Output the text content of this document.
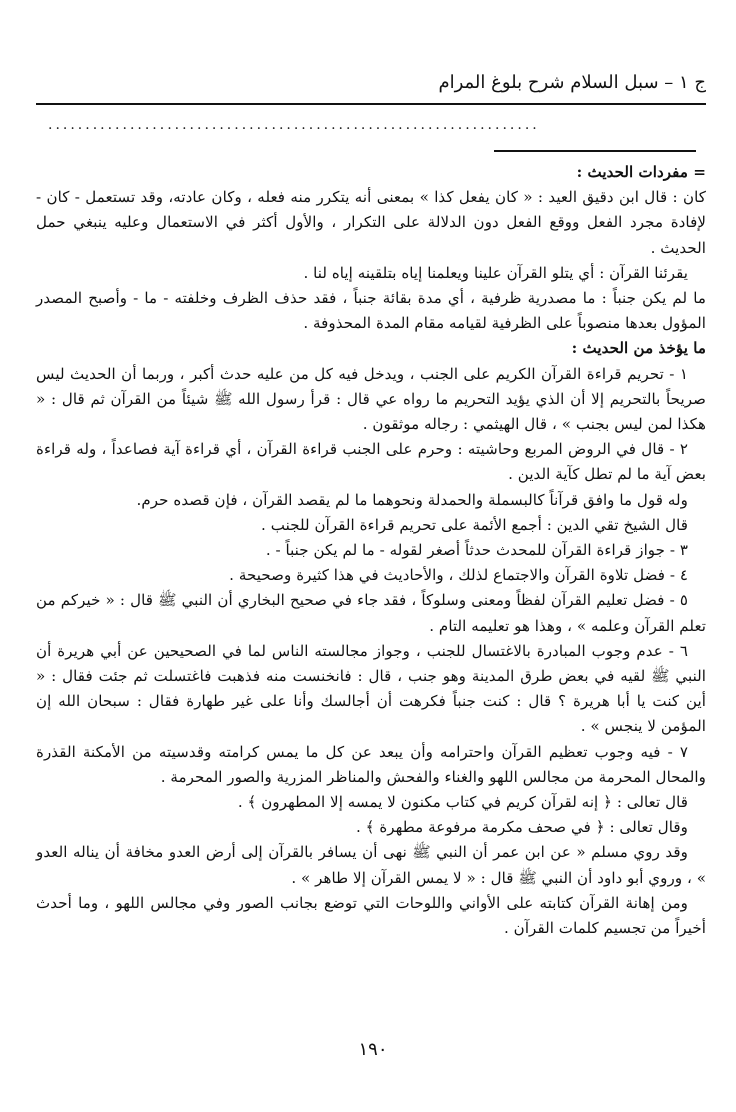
ج ١ – سبل السلام شرح بلوغ المرام
..................................................................

= مفردات الحديث :

كان : قال ابن دقيق العيد : « كان يفعل كذا » بمعنى أنه يتكرر منه فعله ، وكان عادته، وقد تستعمل - كان - لإفادة مجرد الفعل ووقع الفعل دون الدلالة على التكرار ، والأول أكثر في الاستعمال وعليه ينبغي حمل الحديث .

يقرئنا القرآن : أي يتلو القرآن علينا ويعلمنا إياه بتلقينه إياه لنا .

ما لم يكن جنباً : ما مصدرية ظرفية ، أي مدة بقائة جنباً ، فقد حذف الظرف وخلفته - ما - وأصبح المصدر المؤول بعدها منصوباً على الظرفية لقيامه مقام المدة المحذوفة .

ما يؤخذ من الحديث :

١ - تحريم قراءة القرآن الكريم على الجنب ، ويدخل فيه كل من عليه حدث أكبر ، وربما أن الحديث ليس صريحاً بالتحريم إلا أن الذي يؤيد التحريم ما رواه عي قال : قرأ رسول الله ﷺ شيئاً من القرآن ثم قال : « هكذا لمن ليس بجنب » ، قال الهيثمي : رجاله موثقون .

٢ - قال في الروض المربع وحاشيته : وحرم على الجنب قراءة القرآن ، أي قراءة آية فصاعداً ، وله قراءة بعض آية ما لم تطل كآية الدين .

وله قول ما وافق قرآناً كالبسملة والحمدلة ونحوهما ما لم يقصد القرآن ، فإن قصده حرم.

قال الشيخ تقي الدين : أجمع الأئمة على تحريم قراءة القرآن للجنب .

٣ - جواز قراءة القرآن للمحدث حدثاً أصغر لقوله - ما لم يكن جنباً - .

٤ - فضل تلاوة القرآن والاجتماع لذلك ، والأحاديث في هذا كثيرة وصحيحة .

٥ - فضل تعليم القرآن لفظاً ومعنى وسلوكاً ، فقد جاء في صحيح البخاري أن النبي ﷺ قال : « خيركم من تعلم القرآن وعلمه » ، وهذا هو تعليمه التام .

٦ - عدم وجوب المبادرة بالاغتسال للجنب ، وجواز مجالسته الناس لما في الصحيحين عن أبي هريرة أن النبي ﷺ لقيه في بعض طرق المدينة وهو جنب ، قال : فانخنست منه فذهبت فاغتسلت ثم جئت فقال : « أين كنت يا أبا هريرة ؟ قال : كنت جنباً فكرهت أن أجالسك وأنا على غير طهارة فقال : سبحان الله إن المؤمن لا ينجس » .

٧ - فيه وجوب تعظيم القرآن واحترامه وأن يبعد عن كل ما يمس كرامته وقدسيته من الأمكنة القذرة والمحال المحرمة من مجالس اللهو والغناء والفحش والمناظر المزرية والصور المحرمة .

قال تعالى : ﴿ إنه لقرآن كريم في كتاب مكنون لا يمسه إلا المطهرون ﴾ .

وقال تعالى : ﴿ في صحف مكرمة مرفوعة مطهرة ﴾ .

وقد روي مسلم « عن ابن عمر أن النبي ﷺ نهى أن يسافر بالقرآن إلى أرض العدو مخافة أن يناله العدو » ، وروي أبو داود أن النبي ﷺ قال : « لا يمس القرآن إلا طاهر » .

ومن إهانة القرآن كتابته على الأواني واللوحات التي توضع بجانب الصور وفي مجالس اللهو ، وما أحدث أخيراً من تجسيم كلمات القرآن .

١٩٠
